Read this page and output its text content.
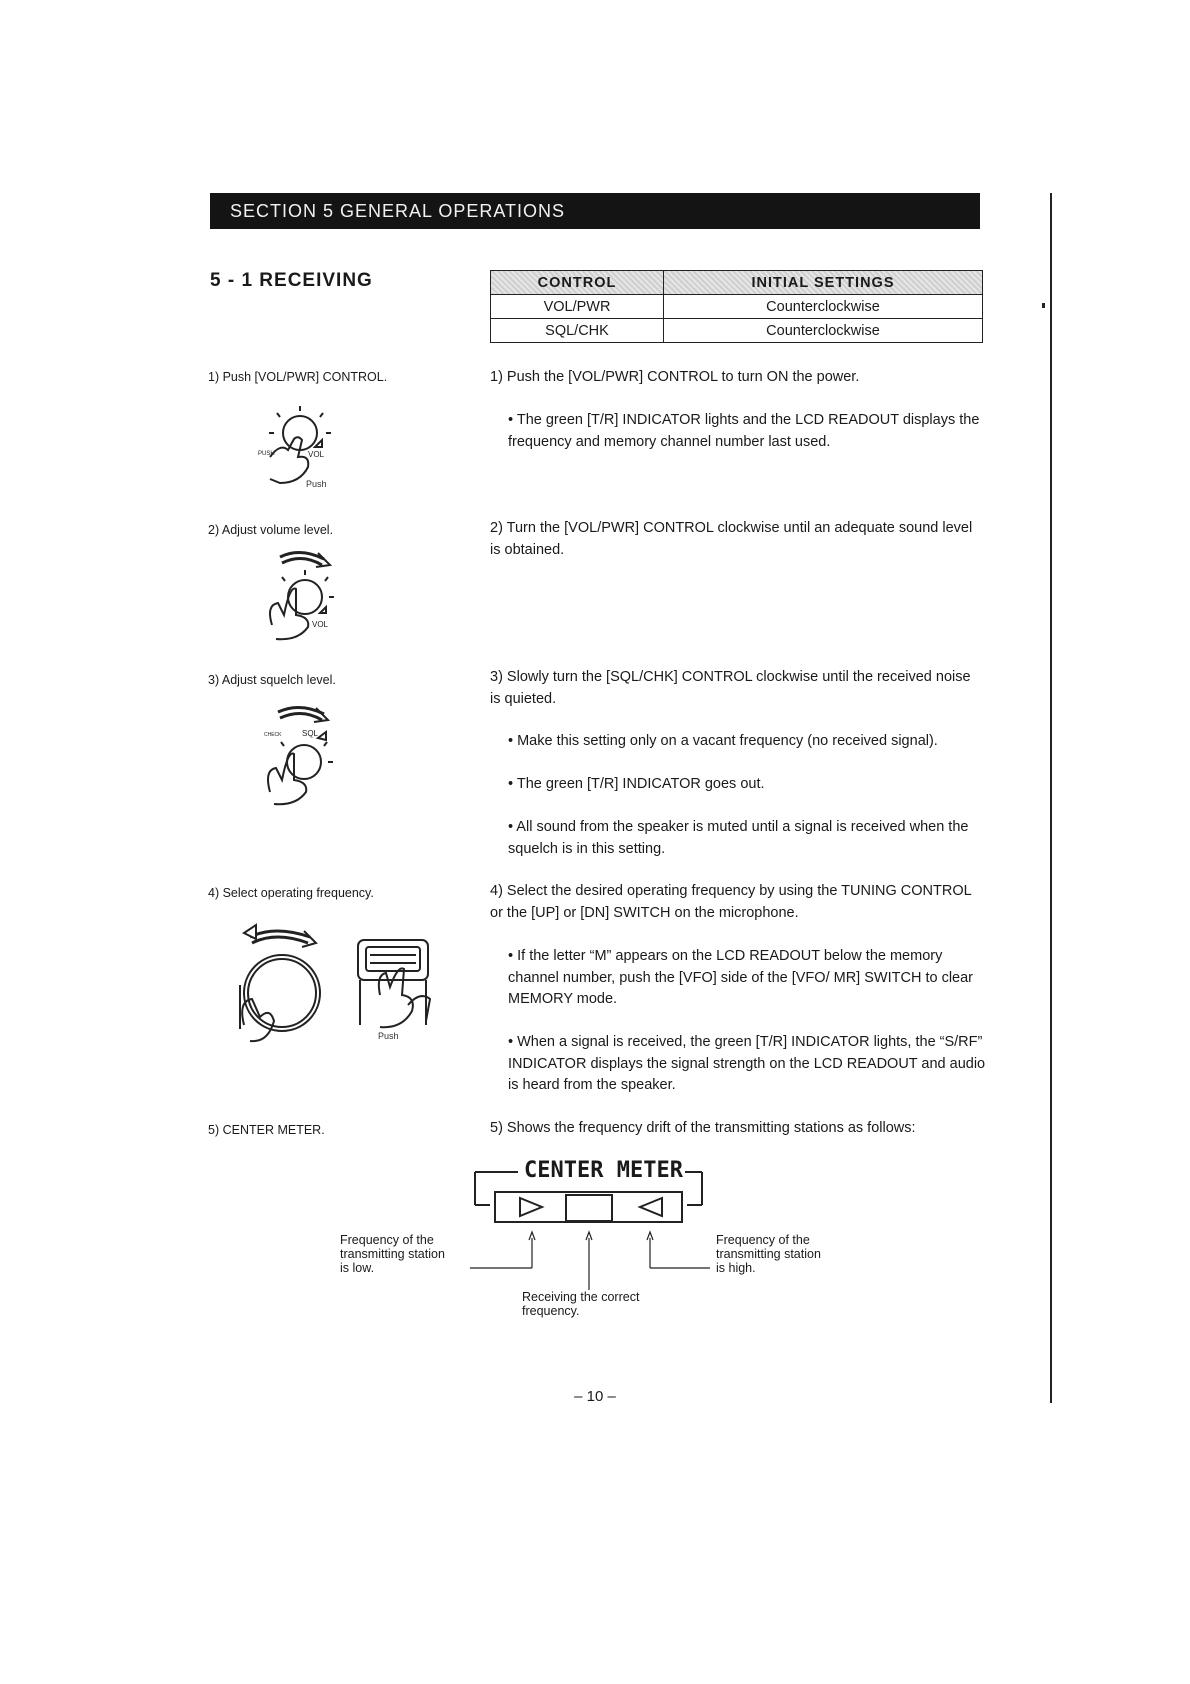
SECTION 5 GENERAL OPERATIONS
5 - 1 RECEIVING	CONTROL	INITIAL SETTINGS
VOL/PWR	Counterclockwise
SQL/CHK	Counterclockwise
1) Push [VOL/PWR] CONTROL.
PUSH	VOL
Push
1) Push the [VOL/PWR] CONTROL to turn ON the power.
• The green [T/R] INDICATOR lights and the LCD READOUT displays the frequency and memory channel number last used.
2) Adjust volume level.
VOL
2) Turn the [VOL/PWR] CONTROL clockwise until an adequate sound level is obtained.
3) Adjust squelch level.
CHECK	SQL
3) Slowly turn the [SQL/CHK] CONTROL clockwise until the received noise is quieted.
• Make this setting only on a vacant frequency (no received signal).
• The green [T/R] INDICATOR goes out.
• All sound from the speaker is muted until a signal is received when the squelch is in this setting.
4) Select operating frequency.
Push
4) Select the desired operating frequency by using the TUNING CONTROL or the [UP] or [DN] SWITCH on the microphone.
• If the letter “M” appears on the LCD READOUT below the memory channel number, push the [VFO] side of the [VFO/ MR] SWITCH to clear MEMORY mode.
• When a signal is received, the green [T/R] INDICATOR lights, the “S/RF” INDICATOR displays the signal strength on the LCD READOUT and audio is heard from the speaker.
5) CENTER METER.	5) Shows the frequency drift of the transmitting stations as follows:
CENTER METER
Frequency of the
transmitting station
is low.
Frequency of the
transmitting station
is high.
Receiving the correct
frequency.
– 10 –
